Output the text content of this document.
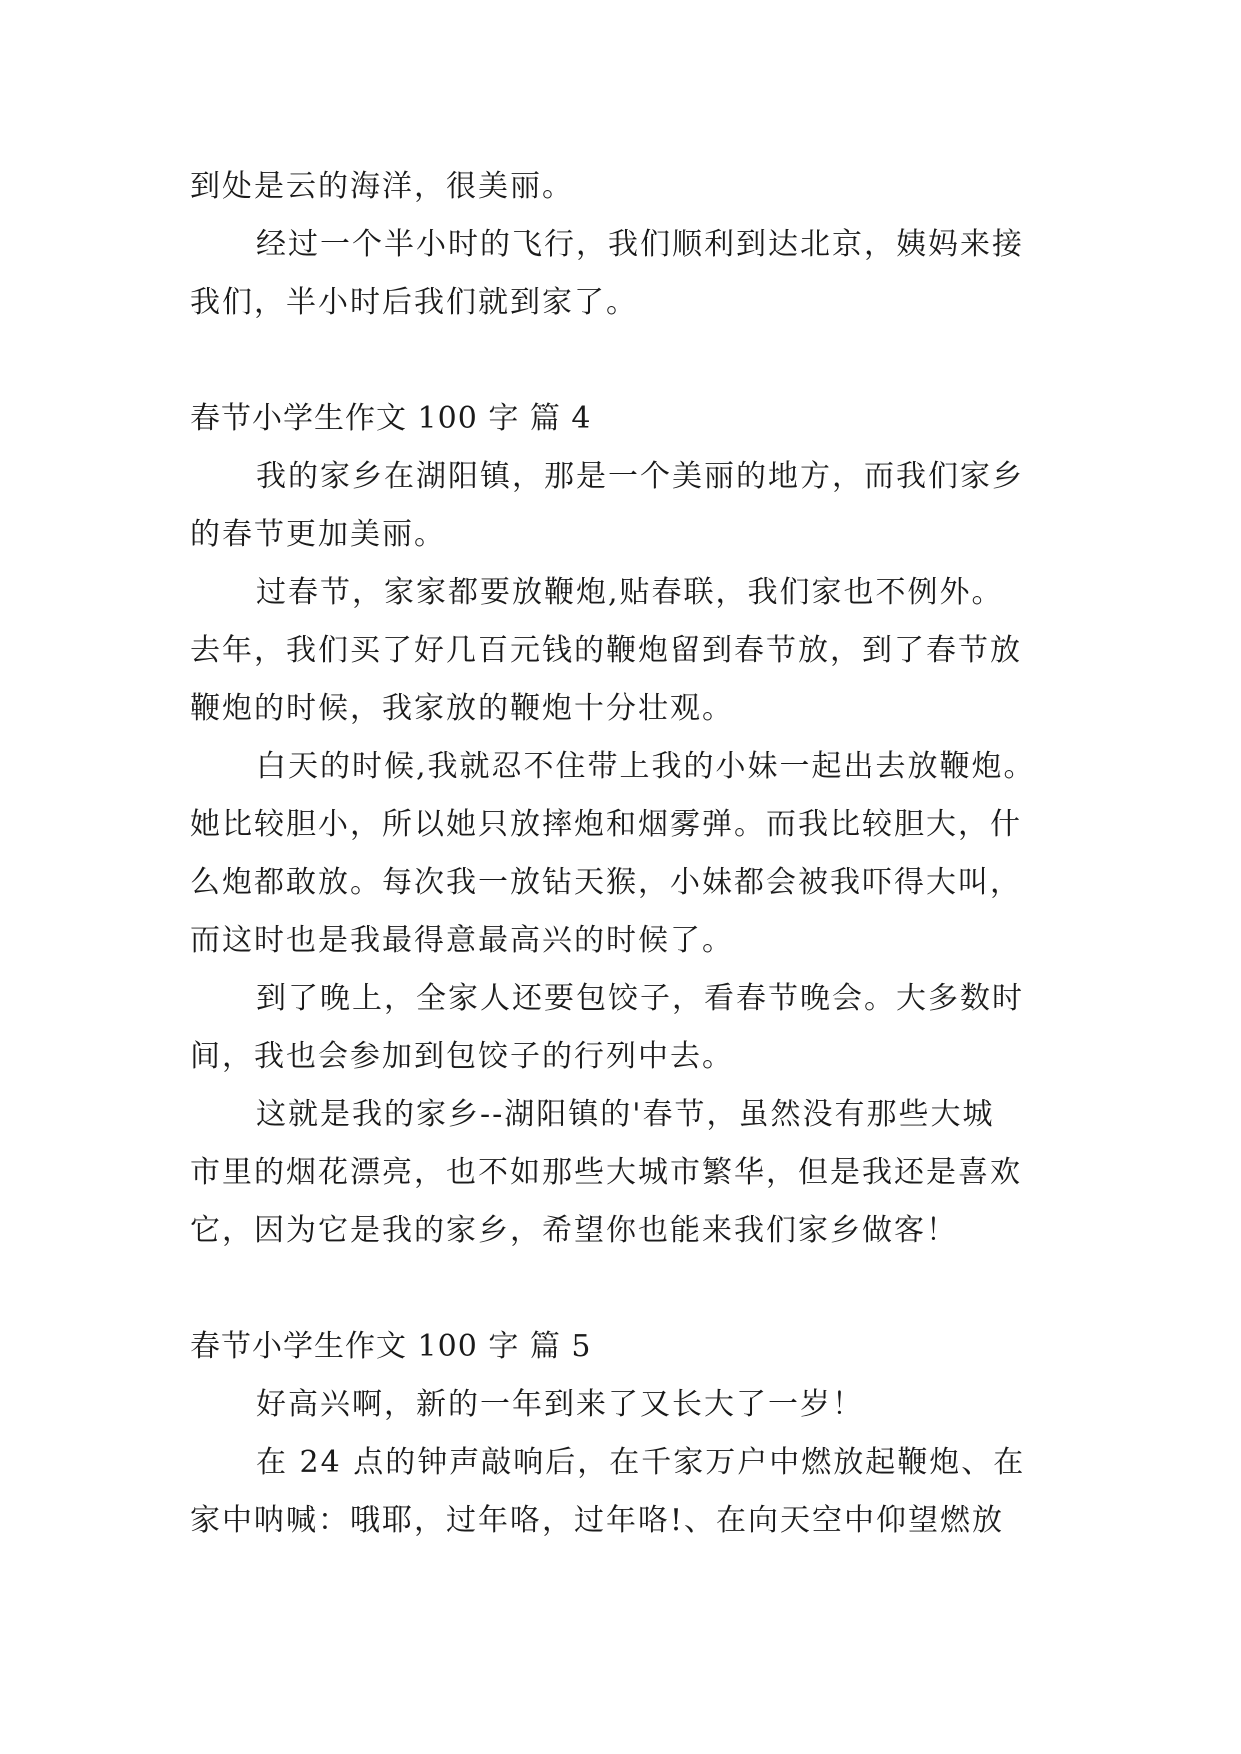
到处是云的海洋，很美丽。
经过一个半小时的飞行，我们顺利到达北京，姨妈来接
我们，半小时后我们就到家了。
春节小学生作文 100 字 篇 4
我的家乡在湖阳镇，那是一个美丽的地方，而我们家乡
的春节更加美丽。
过春节，家家都要放鞭炮,贴春联，我们家也不例外。
去年，我们买了好几百元钱的鞭炮留到春节放，到了春节放
鞭炮的时候，我家放的鞭炮十分壮观。
白天的时候,我就忍不住带上我的小妹一起出去放鞭炮。
她比较胆小，所以她只放摔炮和烟雾弹。而我比较胆大，什
么炮都敢放。每次我一放钻天猴，小妹都会被我吓得大叫，
而这时也是我最得意最高兴的时候了。
到了晚上，全家人还要包饺子，看春节晚会。大多数时
间，我也会参加到包饺子的行列中去。
这就是我的家乡--湖阳镇的'春节，虽然没有那些大城
市里的烟花漂亮，也不如那些大城市繁华，但是我还是喜欢
它，因为它是我的家乡，希望你也能来我们家乡做客！
春节小学生作文 100 字 篇 5
好高兴啊，新的一年到来了又长大了一岁！
在 24 点的钟声敲响后，在千家万户中燃放起鞭炮、在
家中呐喊：哦耶，过年咯，过年咯!、在向天空中仰望燃放
